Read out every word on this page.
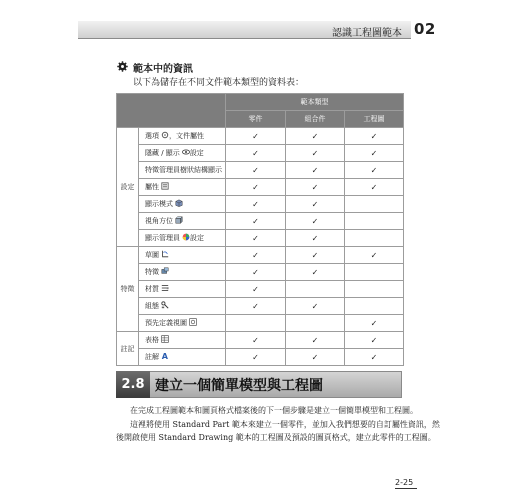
認識工程圖範本 02
範本中的資訊
以下為儲存在不同文件範本類型的資料表：
		範本類型		
		零件	組合件	工程圖
設定	選項 ，文件屬性	✓	✓	✓
	隱藏 / 顯示 設定	✓	✓	✓
	特徵管理員樹狀結構顯示	✓	✓	✓
	屬性	✓	✓	✓
	顯示模式	✓	✓	
	視角方位	✓	✓	
	顯示管理員 設定	✓	✓	
特徵	草圖	✓	✓	✓
	特徵	✓	✓	
	材質	✓		
	組態	✓	✓	
	預先定義視圖			✓
註記	表格	✓	✓	✓
	註解 A	✓	✓	✓
2.8 建立一個簡單模型與工程圖
在完成工程圖範本和圖頁格式檔案後的下一個步驟是建立一個簡單模型和工程圖。
這裡將使用 Standard Part 範本來建立一個零件，並加入我們想要的自訂屬性資訊，然
後開啟使用 Standard Drawing 範本的工程圖及預設的圖頁格式，建立此零件的工程圖。
2-25
